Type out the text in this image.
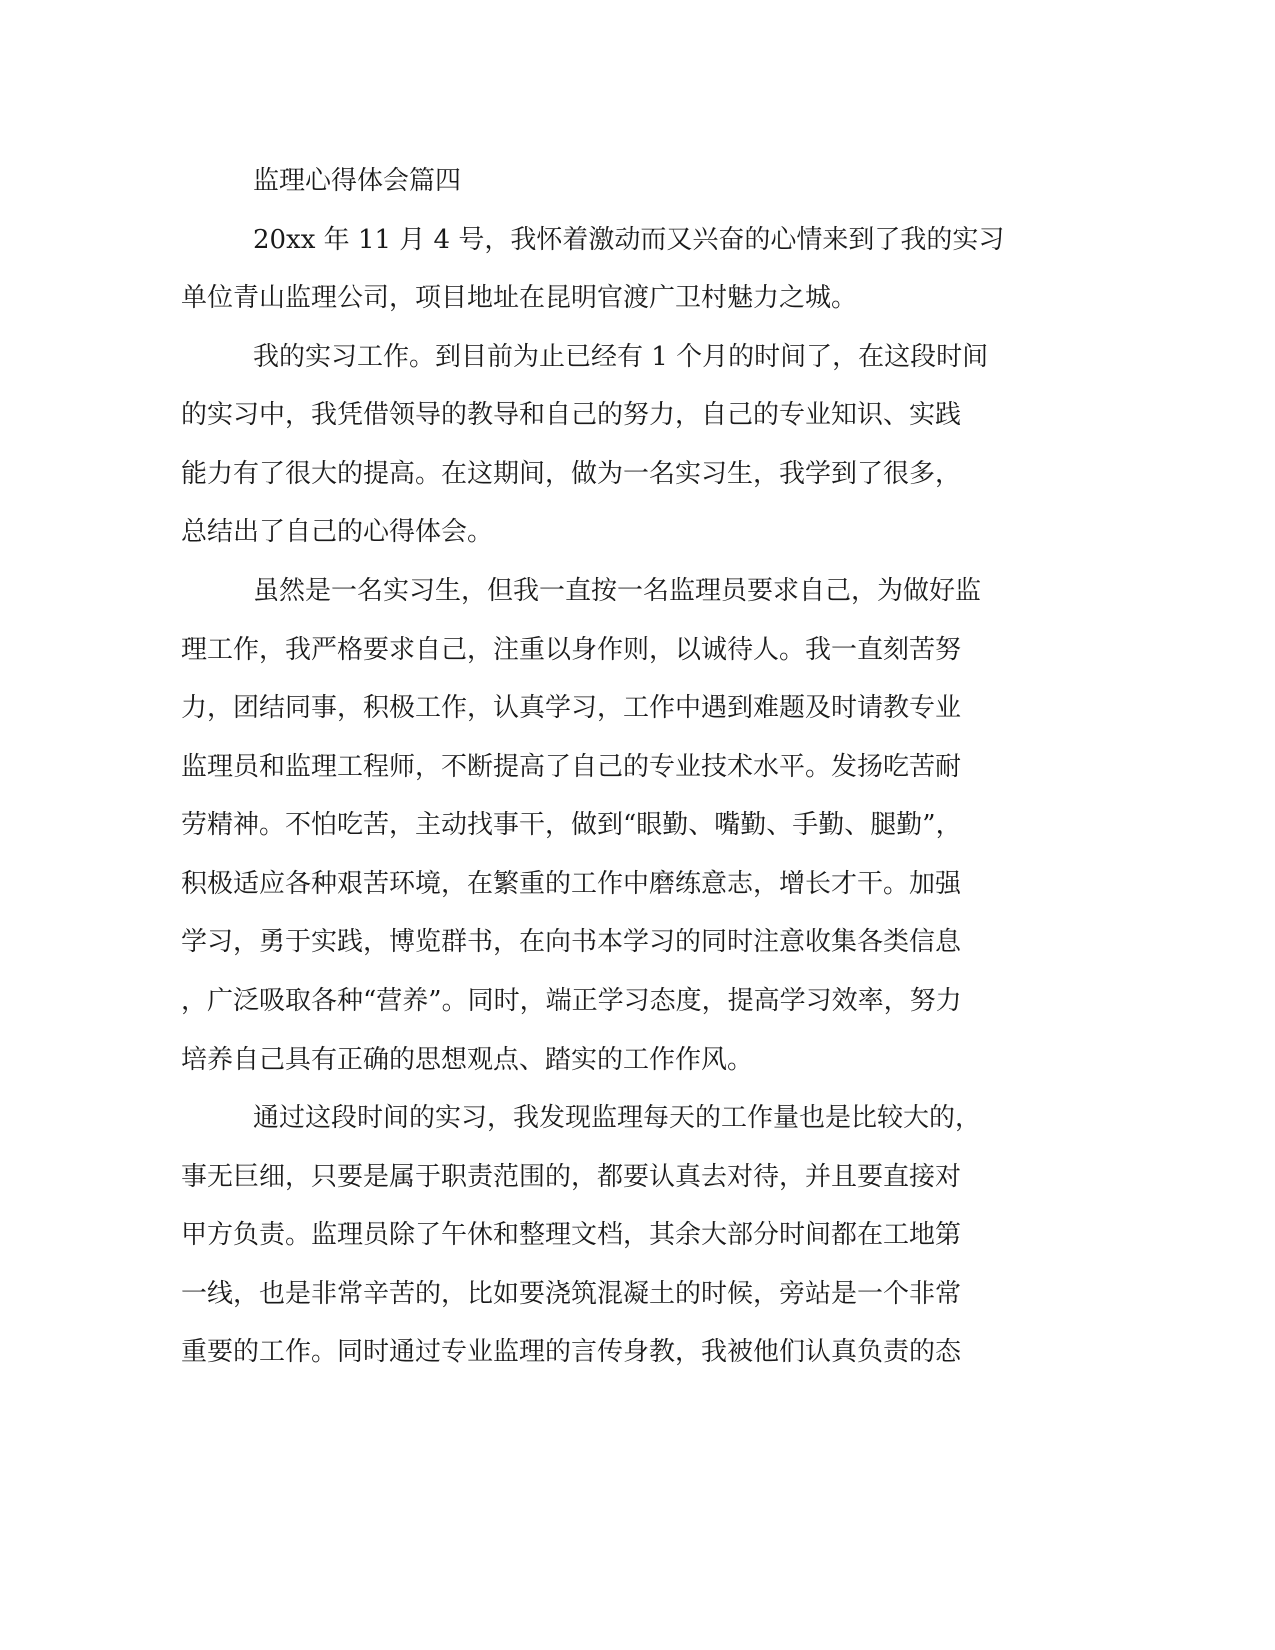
监理心得体会篇四

20xx 年 11 月 4 号，我怀着激动而又兴奋的心情来到了我的实习

单位青山监理公司，项目地址在昆明官渡广卫村魅力之城。

我的实习工作。到目前为止已经有 1 个月的时间了，在这段时间

的实习中，我凭借领导的教导和自己的努力，自己的专业知识、实践

能力有了很大的提高。在这期间，做为一名实习生，我学到了很多，

总结出了自己的心得体会。

虽然是一名实习生，但我一直按一名监理员要求自己，为做好监

理工作，我严格要求自己，注重以身作则，以诚待人。我一直刻苦努

力，团结同事，积极工作，认真学习，工作中遇到难题及时请教专业

监理员和监理工程师，不断提高了自己的专业技术水平。发扬吃苦耐

劳精神。不怕吃苦，主动找事干，做到“眼勤、嘴勤、手勤、腿勤”，

积极适应各种艰苦环境，在繁重的工作中磨练意志，增长才干。加强

学习，勇于实践，博览群书，在向书本学习的同时注意收集各类信息

，广泛吸取各种“营养”。同时，端正学习态度，提高学习效率，努力

培养自己具有正确的思想观点、踏实的工作作风。

通过这段时间的实习，我发现监理每天的工作量也是比较大的，

事无巨细，只要是属于职责范围的，都要认真去对待，并且要直接对

甲方负责。监理员除了午休和整理文档，其余大部分时间都在工地第

一线，也是非常辛苦的，比如要浇筑混凝土的时候，旁站是一个非常

重要的工作。同时通过专业监理的言传身教，我被他们认真负责的态
